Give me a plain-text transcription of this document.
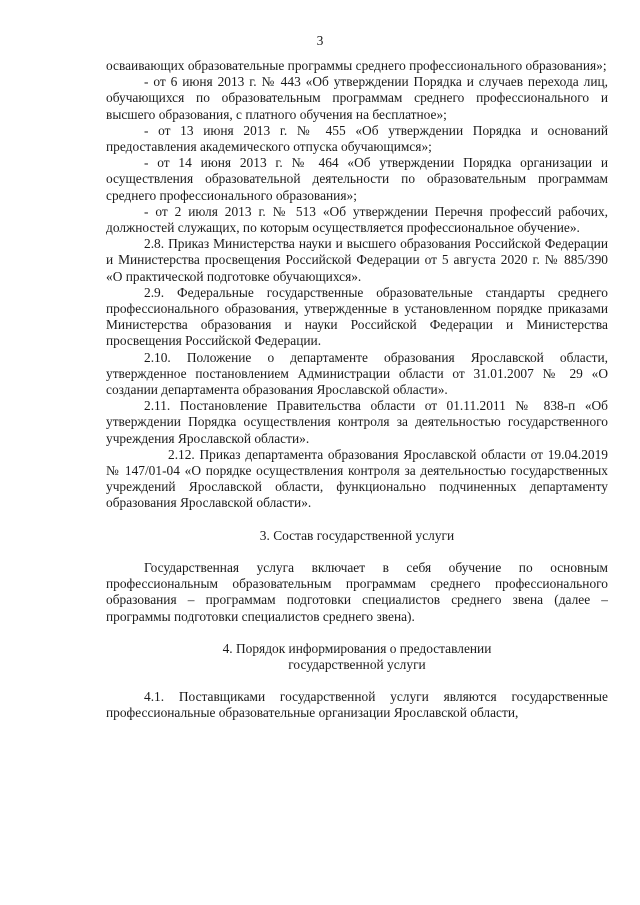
3

осваивающих образовательные программы среднего профессионального образования»;

- от 6 июня 2013 г. № 443 «Об утверждении Порядка и случаев перехода лиц, обучающихся по образовательным программам среднего профессионального и высшего образования, с платного обучения на бесплатное»;

- от 13 июня 2013 г. № 455 «Об утверждении Порядка и оснований предоставления академического отпуска обучающимся»;

- от 14 июня 2013 г. № 464 «Об утверждении Порядка организации и осуществления образовательной деятельности по образовательным программам среднего профессионального образования»;

- от 2 июля 2013 г. № 513 «Об утверждении Перечня профессий рабочих, должностей служащих, по которым осуществляется профессиональное обучение».

2.8. Приказ Министерства науки и высшего образования Российской Федерации и Министерства просвещения Российской Федерации от 5 августа 2020 г. № 885/390 «О практической подготовке обучающихся».

2.9. Федеральные государственные образовательные стандарты среднего профессионального образования, утвержденные в установленном порядке приказами Министерства образования и науки Российской Федерации и Министерства просвещения Российской Федерации.

2.10. Положение о департаменте образования Ярославской области, утвержденное постановлением Администрации области от 31.01.2007 № 29 «О создании департамента образования Ярославской области».

2.11. Постановление Правительства области от 01.11.2011 № 838-п «Об утверждении Порядка осуществления контроля за деятельностью государственного учреждения Ярославской области».

2.12. Приказ департамента образования Ярославской области от 19.04.2019 № 147/01-04 «О порядке осуществления контроля за деятельностью государственных учреждений Ярославской области, функционально подчиненных департаменту образования Ярославской области».

3. Состав государственной услуги

Государственная услуга включает в себя обучение по основным профессиональным образовательным программам среднего профессионального образования – программам подготовки специалистов среднего звена (далее – программы подготовки специалистов среднего звена).

4. Порядок информирования о предоставлении

государственной услуги

4.1. Поставщиками государственной услуги являются государственные профессиональные образовательные организации Ярославской области,
